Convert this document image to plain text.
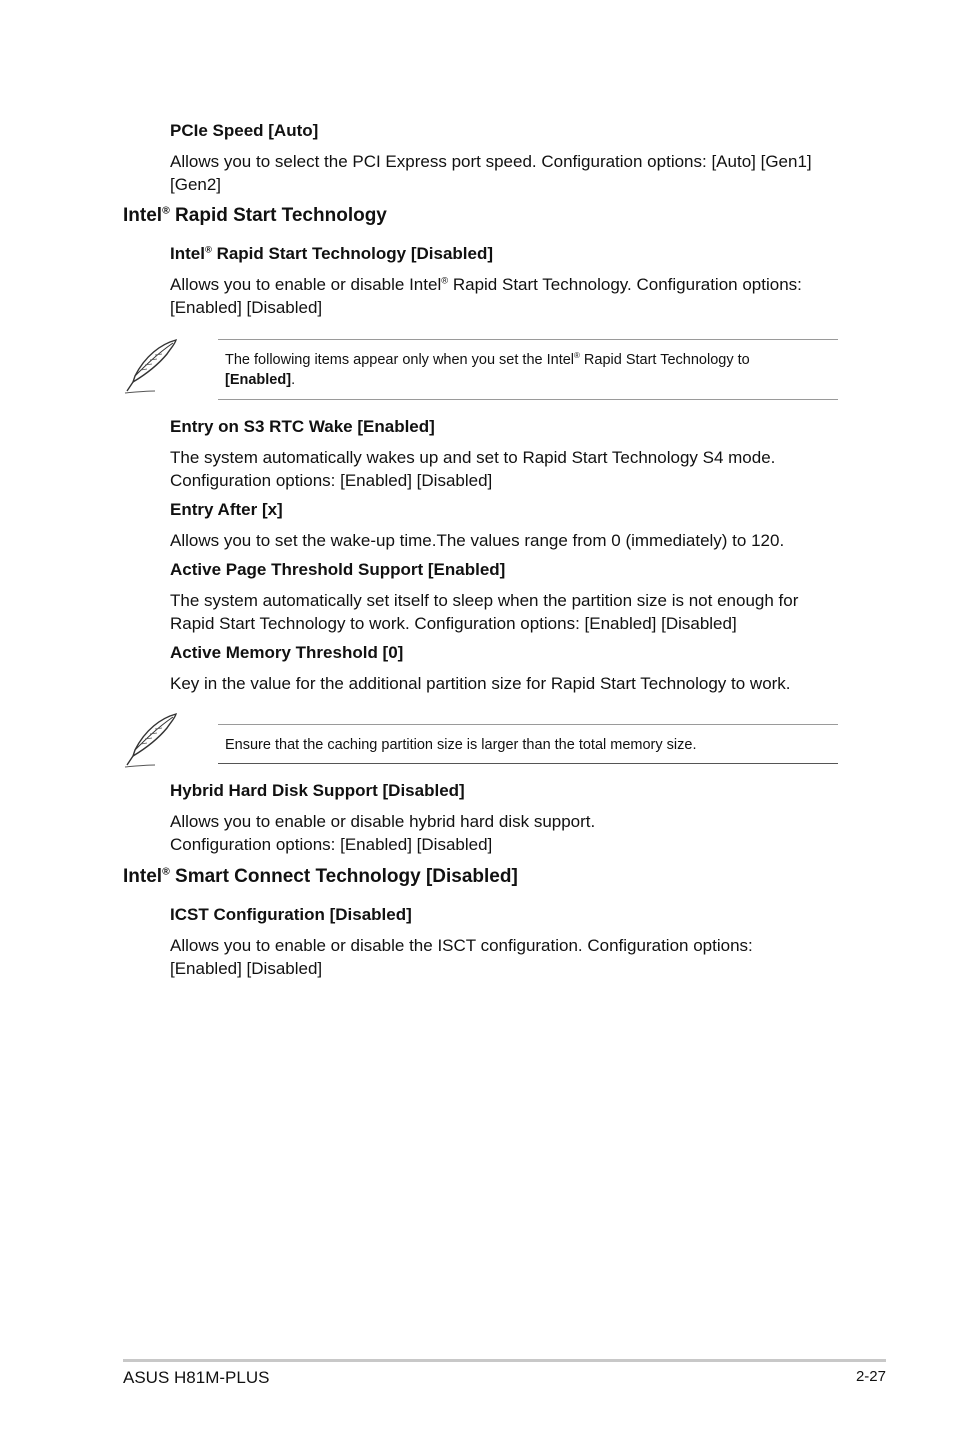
PCIe Speed [Auto]
Allows you to select the PCI Express port speed. Configuration options: [Auto] [Gen1]
[Gen2]
Intel® Rapid Start Technology
Intel® Rapid Start Technology [Disabled]
Allows you to enable or disable Intel® Rapid Start Technology. Configuration options:
[Enabled] [Disabled]
The following items appear only when you set the Intel® Rapid Start Technology to
[Enabled].
Entry on S3 RTC Wake [Enabled]
The system automatically wakes up and set to Rapid Start Technology S4 mode.
Configuration options: [Enabled] [Disabled]
Entry After [x]
Allows you to set the wake-up time.The values range from 0 (immediately) to 120.
Active Page Threshold Support [Enabled]
The system automatically set itself to sleep when the partition size is not enough for
Rapid Start Technology to work. Configuration options: [Enabled] [Disabled]
Active Memory Threshold [0]
Key in the value for the additional partition size for Rapid Start Technology to work.
Ensure that the caching partition size is larger than the total memory size.
Hybrid Hard Disk Support [Disabled]
Allows you to enable or disable hybrid hard disk support.
Configuration options: [Enabled] [Disabled]
Intel® Smart Connect Technology [Disabled]
ICST Configuration [Disabled]
Allows you to enable or disable the ISCT configuration. Configuration options:
[Enabled] [Disabled]
ASUS H81M-PLUS	2-27
